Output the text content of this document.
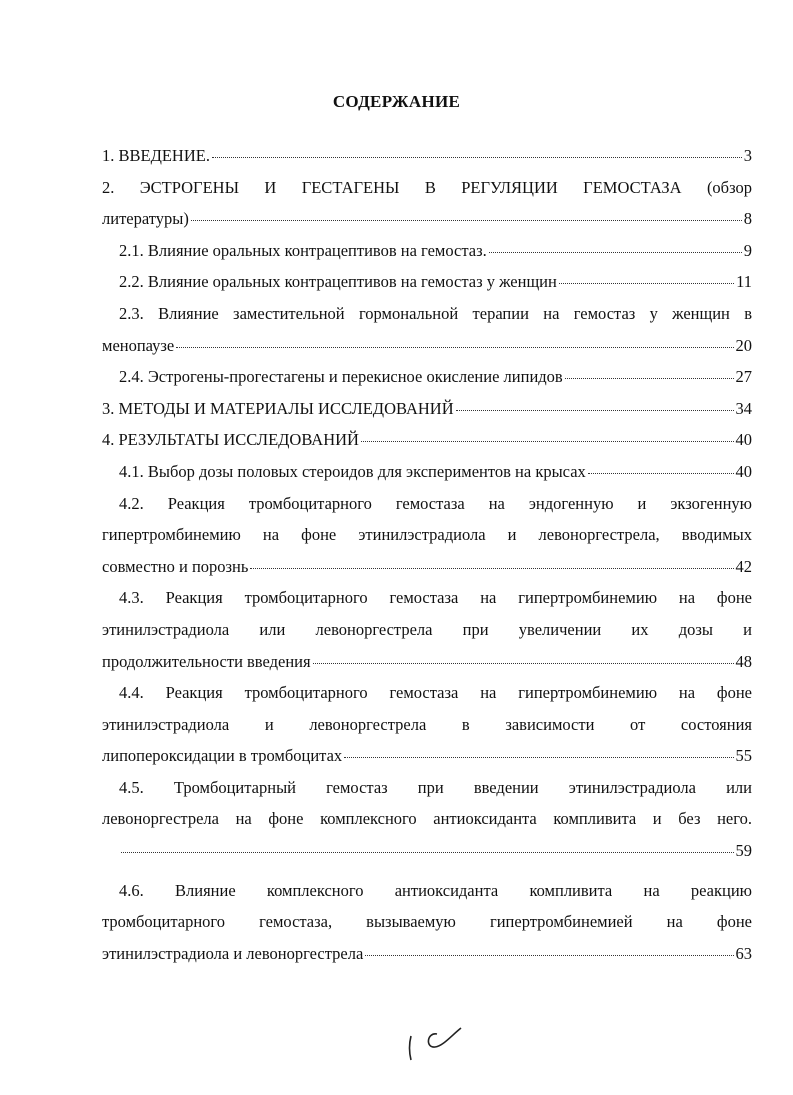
СОДЕРЖАНИЕ
1. ВВЕДЕНИЕ.	3
2. ЭСТРОГЕНЫ И ГЕСТАГЕНЫ В РЕГУЛЯЦИИ ГЕМОСТАЗА (обзор
литературы)	8
2.1. Влияние оральных контрацептивов на гемостаз.	9
2.2. Влияние оральных контрацептивов на гемостаз у женщин	11
2.3. Влияние заместительной гормональной терапии на гемостаз у женщин в
менопаузе	20
2.4. Эстрогены-прогестагены и перекисное окисление липидов	27
3. МЕТОДЫ И МАТЕРИАЛЫ ИССЛЕДОВАНИЙ	34
4. РЕЗУЛЬТАТЫ ИССЛЕДОВАНИЙ	40
4.1. Выбор дозы половых стероидов для экспериментов на крысах	40
4.2. Реакция тромбоцитарного гемостаза на эндогенную и экзогенную
гипертромбинемию на фоне этинилэстрадиола и левоноргестрела, вводимых
совместно и порознь	42
4.3. Реакция тромбоцитарного гемостаза на гипертромбинемию на фоне
этинилэстрадиола или левоноргестрела при увеличении их дозы и
продолжительности введения	48
4.4. Реакция тромбоцитарного гемостаза на гипертромбинемию на фоне
этинилэстрадиола и левоноргестрела в зависимости от состояния
липопероксидации в тромбоцитах	55
4.5. Тромбоцитарный гемостаз при введении этинилэстрадиола или
левоноргестрела на фоне комплексного антиоксиданта компливита и без него.
59
4.6. Влияние комплексного антиоксиданта компливита на реакцию
тромбоцитарного гемостаза, вызываемую гипертромбинемией на фоне
этинилэстрадиола и левоноргестрела	63
